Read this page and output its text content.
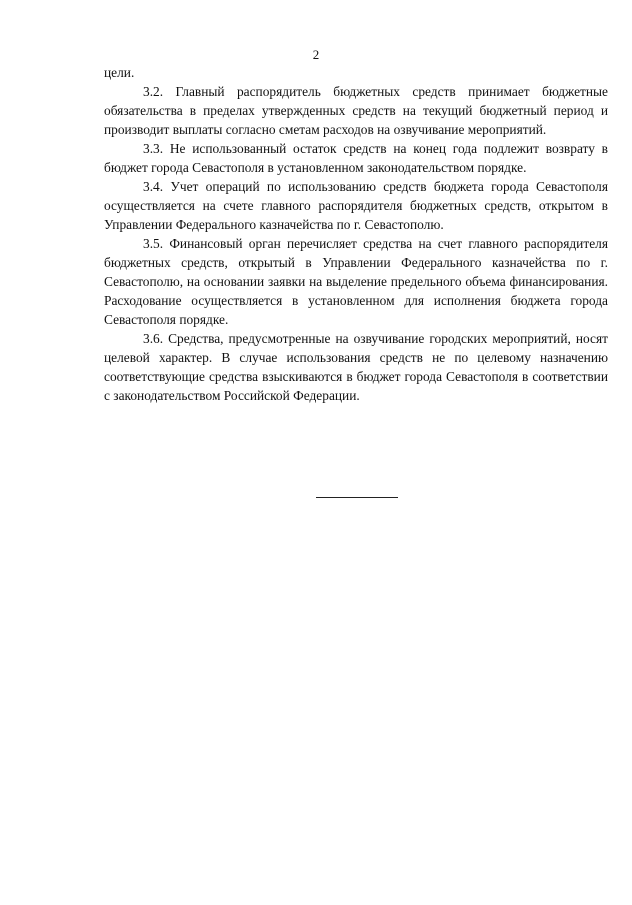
2

цели.

3.2. Главный распорядитель бюджетных средств принимает бюджетные обязательства в пределах утвержденных средств на текущий бюджетный период и производит выплаты согласно сметам расходов на озвучивание мероприятий.

3.3. Не использованный остаток средств на конец года подлежит возврату в бюджет города Севастополя в установленном законодательством порядке.

3.4. Учет операций по использованию средств бюджета города Севастополя осуществляется на счете главного распорядителя бюджетных средств, открытом в Управлении Федерального казначейства по г. Севастополю.

3.5. Финансовый орган перечисляет средства на счет главного распорядителя бюджетных средств, открытый в Управлении Федерального казначейства по г. Севастополю, на основании заявки на выделение предельного объема финансирования. Расходование осуществляется в установленном для исполнения бюджета города Севастополя порядке.

3.6. Средства, предусмотренные на озвучивание городских мероприятий, носят целевой характер. В случае использования средств не по целевому назначению соответствующие средства взыскиваются в бюджет города Севастополя в соответствии с законодательством Российской Федерации.
